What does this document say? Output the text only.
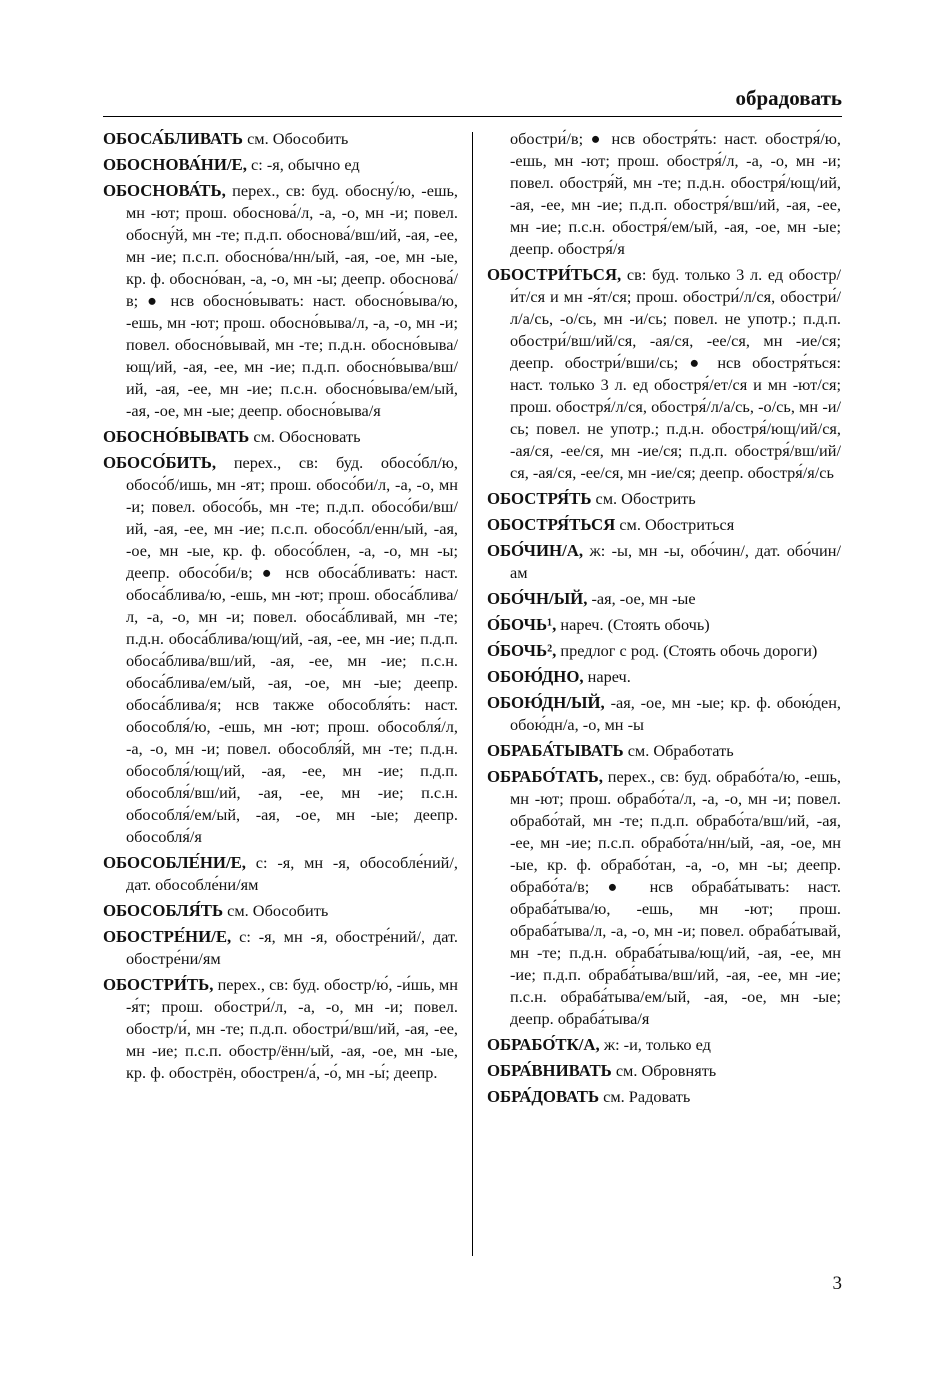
обрадовать
ОБОСА́БЛИВАТЬ см. Обособить
ОБОСНОВА́НИ/Е, с: -я, обычно ед
ОБОСНОВА́ТЬ, перех., св: буд. обосну́/ю, -ешь, мн -ют; прош. обоснова́/л, -а, -о, мн -и; повел. обосну́й, мн -те; п.д.п. обоснова́/вш/ий, -ая, -ее, мн -ие; п.с.п. обосно́ва/нн/ый, -ая, -ое, мн -ые, кр. ф. обосно́ван, -а, -о, мн -ы; деепр. обоснова́/в; ● нсв обосно́вывать: наст. обосно́выва/ю, -ешь, мн -ют; прош. обосно́выва/л, -а, -о, мн -и; повел. обосно́вывай, мн -те; п.д.н. обосно́выва/ющ/ий, -ая, -ее, мн -ие; п.д.п. обосно́выва/вш/ий, -ая, -ее, мн -ие; п.с.н. обосно́выва/ем/ый, -ая, -ое, мн -ые; деепр. обосно́выва/я
ОБОСНО́ВЫВАТЬ см. Обосновать
ОБОСО́БИТЬ, перех., св: буд. обосо́бл/ю, обосо́б/ишь, мн -ят; прош. обосо́би/л, -а, -о, мн -и; повел. обосо́бь, мн -те; п.д.п. обосо́би/вш/ий, -ая, -ее, мн -ие; п.с.п. обосо́бл/енн/ый, -ая, -ое, мн -ые, кр. ф. обосо́блен, -а, -о, мн -ы; деепр. обосо́би/в; ● нсв обоса́бливать: наст. обоса́блива/ю, -ешь, мн -ют; прош. обоса́блива/л, -а, -о, мн -и; повел. обоса́бливай, мн -те; п.д.н. обоса́блива/ющ/ий, -ая, -ее, мн -ие; п.д.п. обоса́блива/вш/ий, -ая, -ее, мн -ие; п.с.н. обоса́блива/ем/ый, -ая, -ое, мн -ые; деепр. обоса́блива/я; нсв также обособля́ть: наст. обособля́/ю, -ешь, мн -ют; прош. обособля́/л, -а, -о, мн -и; повел. обособля́й, мн -те; п.д.н. обособля́/ющ/ий, -ая, -ее, мн -ие; п.д.п. обособля́/вш/ий, -ая, -ее, мн -ие; п.с.н. обособля́/ем/ый, -ая, -ое, мн -ые; деепр. обособля́/я
ОБОСОБЛЕ́НИ/Е, с: -я, мн -я, обособле́ний/, дат. обособле́ни/ям
ОБОСОБЛЯ́ТЬ см. Обособить
ОБОСТРЕ́НИ/Е, с: -я, мн -я, обостре́ний/, дат. обостре́ни/ям
ОБОСТРИ́ТЬ, перех., св: буд. обостр/ю́, -и́шь, мн -я́т; прош. обостри́/л, -а, -о, мн -и; повел. обостр/и́, мн -те; п.д.п. обостри́/вш/ий, -ая, -ее, мн -ие; п.с.п. обостр/ённ/ый, -ая, -ое, мн -ые, кр. ф. обострён, обострен/а́, -о́, мн -ы́; деепр.
обостри́/в; ● нсв обостря́ть: наст. обостря́/ю, -ешь, мн -ют; прош. обостря́/л, -а, -о, мн -и; повел. обостря́й, мн -те; п.д.н. обостря́/ющ/ий, -ая, -ее, мн -ие; п.д.п. обостря́/вш/ий, -ая, -ее, мн -ие; п.с.н. обостря́/ем/ый, -ая, -ое, мн -ые; деепр. обостря́/я
ОБОСТРИ́ТЬСЯ, св: буд. только 3 л. ед обостр/и́т/ся и мн -я́т/ся; прош. обостри́/л/ся, обостри́/л/а/сь, -о/сь, мн -и/сь; повел. не употр.; п.д.п. обостри́/вш/ий/ся, -ая/ся, -ее/ся, мн -ие/ся; деепр. обостри́/вши/сь; ● нсв обостря́ться: наст. только 3 л. ед обостря́/ет/ся и мн -ют/ся; прош. обостря́/л/ся, обостря́/л/а/сь, -о/сь, мн -и/сь; повел. не употр.; п.д.н. обостря́/ющ/ий/ся, -ая/ся, -ее/ся, мн -ие/ся; п.д.п. обостря́/вш/ий/ся, -ая/ся, -ее/ся, мн -ие/ся; деепр. обостря́/я/сь
ОБОСТРЯ́ТЬ см. Обострить
ОБОСТРЯ́ТЬСЯ см. Обостриться
ОБО́ЧИН/А, ж: -ы, мн -ы, обо́чин/, дат. обо́чин/ам
ОБО́ЧН/ЫЙ, -ая, -ое, мн -ые
О́БОЧЬ¹, нареч. (Стоять обочь)
О́БОЧЬ², предлог с род. (Стоять обочь дороги)
ОБОЮ́ДНО, нареч.
ОБОЮ́ДН/ЫЙ, -ая, -ое, мн -ые; кр. ф. обою́ден, обою́дн/а, -о, мн -ы
ОБРАБА́ТЫВАТЬ см. Обработать
ОБРАБО́ТАТЬ, перех., св: буд. обрабо́та/ю, -ешь, мн -ют; прош. обрабо́та/л, -а, -о, мн -и; повел. обрабо́тай, мн -те; п.д.п. обрабо́та/вш/ий, -ая, -ее, мн -ие; п.с.п. обрабо́та/нн/ый, -ая, -ое, мн -ые, кр. ф. обрабо́тан, -а, -о, мн -ы; деепр. обрабо́та/в; ● нсв обраба́тывать: наст. обраба́тыва/ю, -ешь, мн -ют; прош. обраба́тыва/л, -а, -о, мн -и; повел. обраба́тывай, мн -те; п.д.н. обраба́тыва/ющ/ий, -ая, -ее, мн -ие; п.д.п. обраба́тыва/вш/ий, -ая, -ее, мн -ие; п.с.н. обраба́тыва/ем/ый, -ая, -ое, мн -ые; деепр. обраба́тыва/я
ОБРАБО́ТК/А, ж: -и, только ед
ОБРА́ВНИВАТЬ см. Обровнять
ОБРА́ДОВАТЬ см. Радовать
3
